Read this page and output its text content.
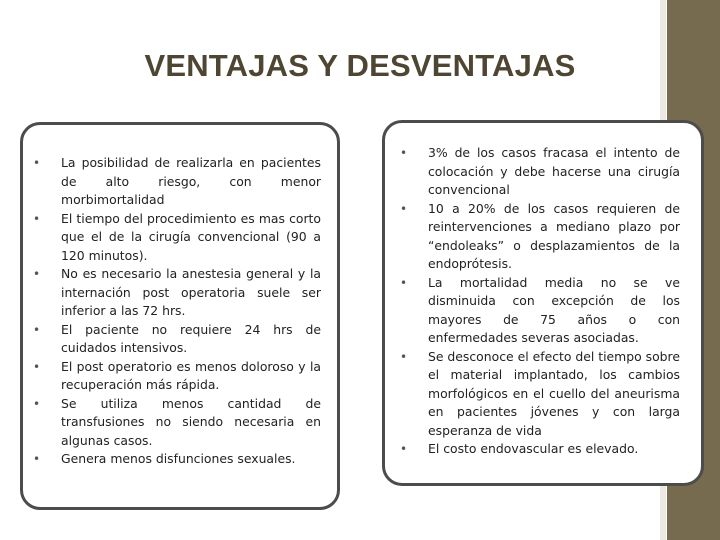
VENTAJAS Y DESVENTAJAS
• La posibilidad de realizarla en pacientes de alto riesgo, con menor morbimortalidad
• El tiempo del procedimiento es mas corto que el de la cirugía convencional (90 a 120 minutos).
• No es necesario la anestesia general y la internación post operatoria suele ser inferior a las 72 hrs.
• El paciente no requiere 24 hrs de cuidados intensivos.
• El post operatorio es menos doloroso y la recuperación más rápida.
• Se utiliza menos cantidad de transfusiones no siendo necesaria en algunas casos.
• Genera menos disfunciones sexuales.
• 3% de los casos fracasa el intento de colocación y debe hacerse una cirugía convencional
• 10 a 20% de los casos requieren de reintervenciones a mediano plazo por “endoleaks” o desplazamientos de la endoprótesis.
• La mortalidad media no se ve disminuida con excepción de los mayores de 75 años o con enfermedades severas asociadas.
• Se desconoce el efecto del tiempo sobre el material implantado, los cambios morfológicos en el cuello del aneurisma en pacientes jóvenes y con larga esperanza de vida
• El costo endovascular es elevado.
